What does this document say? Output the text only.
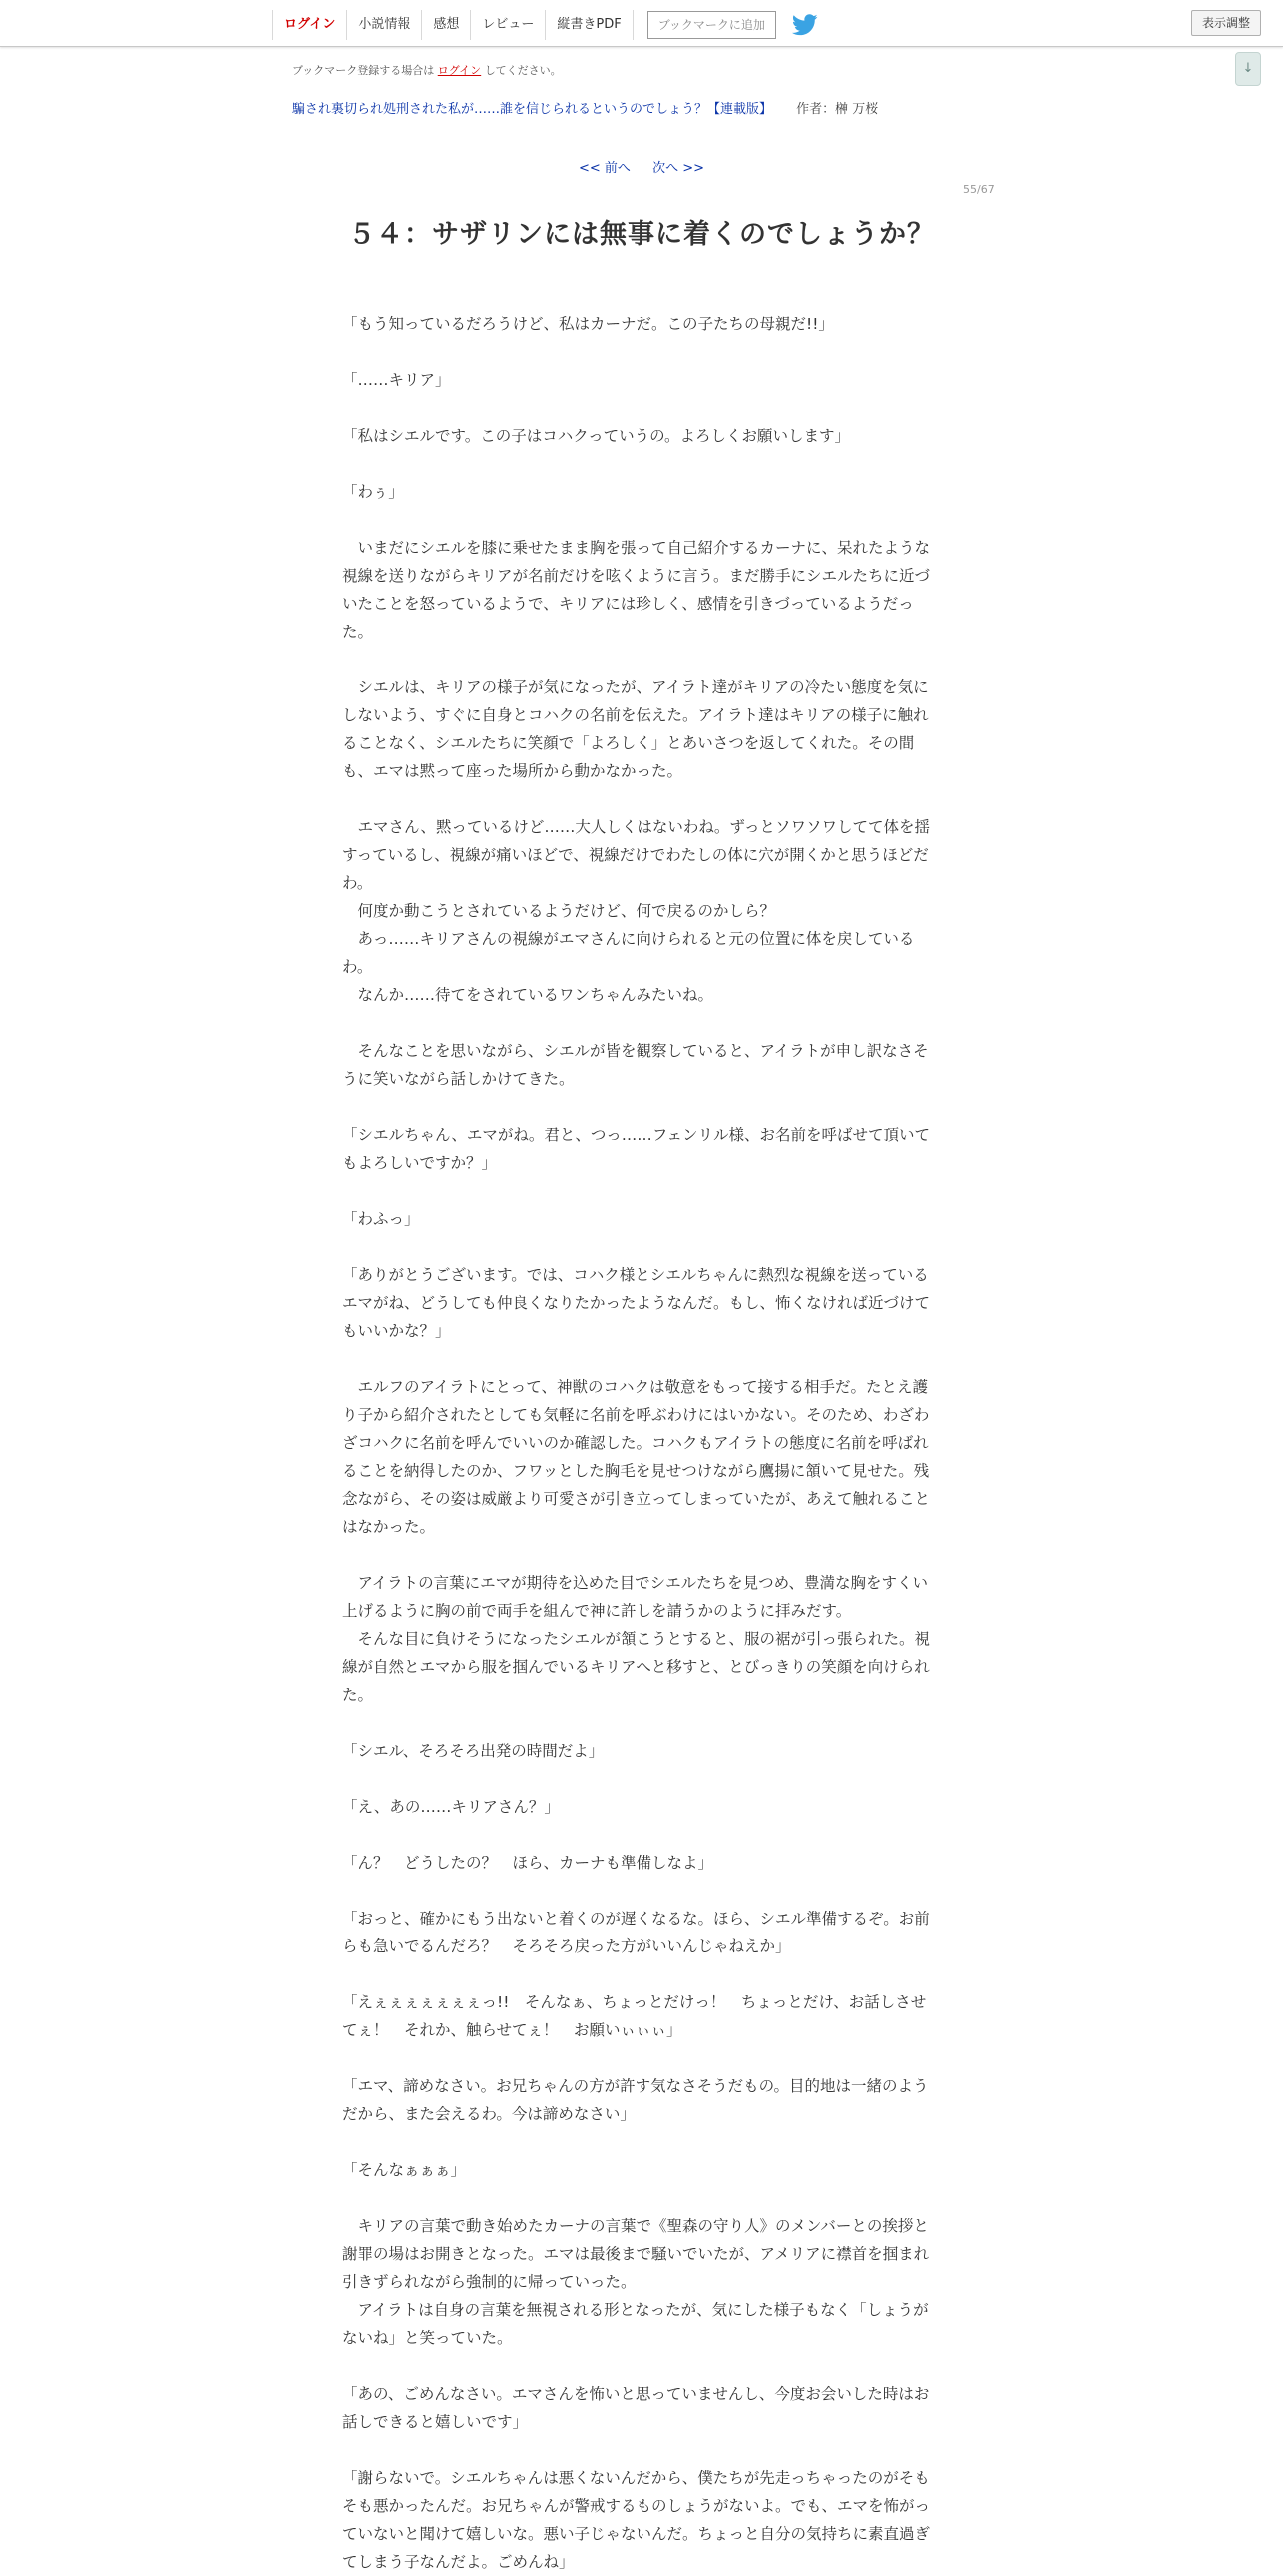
ログイン	小説情報	感想	レビュー	縦書きPDF	ブックマークに追加	表示調整
↓
ブックマーク登録する場合は ログイン してください。
騙され裏切られ処刑された私が……誰を信じられるというのでしょう？【連載版】 作者：榊 万桜
<< 前へ 次へ >>
55/67
５４：サザリンには無事に着くのでしょうか？

「もう知っているだろうけど、私はカーナだ。この子たちの母親だ!!」

「……キリア」

「私はシエルです。この子はコハクっていうの。よろしくお願いします」

「わぅ」

　いまだにシエルを膝に乗せたまま胸を張って自己紹介するカーナに、呆れたような視線を送りながらキリアが名前だけを呟くように言う。まだ勝手にシエルたちに近づいたことを怒っているようで、キリアには珍しく、感情を引きづっているようだった。

　シエルは、キリアの様子が気になったが、アイラト達がキリアの冷たい態度を気にしないよう、すぐに自身とコハクの名前を伝えた。アイラト達はキリアの様子に触れることなく、シエルたちに笑顔で「よろしく」とあいさつを返してくれた。その間も、エマは黙って座った場所から動かなかった。

　エマさん、黙っているけど……大人しくはないわね。ずっとソワソワしてて体を揺すっているし、視線が痛いほどで、視線だけでわたしの体に穴が開くかと思うほどだわ。

　何度か動こうとされているようだけど、何で戻るのかしら？

　あっ……キリアさんの視線がエマさんに向けられると元の位置に体を戻しているわ。

　なんか……待てをされているワンちゃんみたいね。

　そんなことを思いながら、シエルが皆を観察していると、アイラトが申し訳なさそうに笑いながら話しかけてきた。

「シエルちゃん、エマがね。君と、つっ……フェンリル様、お名前を呼ばせて頂いてもよろしいですか？」

「わふっ」

「ありがとうございます。では、コハク様とシエルちゃんに熱烈な視線を送っているエマがね、どうしても仲良くなりたかったようなんだ。もし、怖くなければ近づけてもいいかな？」

　エルフのアイラトにとって、神獣のコハクは敬意をもって接する相手だ。たとえ護り子から紹介されたとしても気軽に名前を呼ぶわけにはいかない。そのため、わざわざコハクに名前を呼んでいいのか確認した。コハクもアイラトの態度に名前を呼ばれることを納得したのか、フワッとした胸毛を見せつけながら鷹揚に頷いて見せた。残念ながら、その姿は威厳より可愛さが引き立ってしまっていたが、あえて触れることはなかった。

　アイラトの言葉にエマが期待を込めた目でシエルたちを見つめ、豊満な胸をすくい上げるように胸の前で両手を組んで神に許しを請うかのように拝みだす。

　そんな目に負けそうになったシエルが頷こうとすると、服の裾が引っ張られた。視線が自然とエマから服を掴んでいるキリアへと移すと、とびっきりの笑顔を向けられた。

「シエル、そろそろ出発の時間だよ」

「え、あの……キリアさん？」

「ん？　どうしたの？　ほら、カーナも準備しなよ」

「おっと、確かにもう出ないと着くのが遅くなるな。ほら、シエル準備するぞ。お前らも急いでるんだろ？　そろそろ戻った方がいいんじゃねえか」

「えぇぇぇぇぇぇぇっ!!　そんなぁ、ちょっとだけっ！　ちょっとだけ、お話しさせてぇ！　それか、触らせてぇ！　お願いぃぃぃ」

「エマ、諦めなさい。お兄ちゃんの方が許す気なさそうだもの。目的地は一緒のようだから、また会えるわ。今は諦めなさい」

「そんなぁぁぁ」

　キリアの言葉で動き始めたカーナの言葉で《聖森の守り人》のメンバーとの挨拶と謝罪の場はお開きとなった。エマは最後まで騒いでいたが、アメリアに襟首を掴まれ引きずられながら強制的に帰っていった。

　アイラトは自身の言葉を無視される形となったが、気にした様子もなく「しょうがないね」と笑っていた。

「あの、ごめんなさい。エマさんを怖いと思っていませんし、今度お会いした時はお話しできると嬉しいです」

「謝らないで。シエルちゃんは悪くないんだから、僕たちが先走っちゃったのがそもそも悪かったんだ。お兄ちゃんが警戒するものしょうがないよ。でも、エマを怖がっていないと聞けて嬉しいな。悪い子じゃないんだ。ちょっと自分の気持ちに素直過ぎてしまう子なんだよ。ごめんね」
